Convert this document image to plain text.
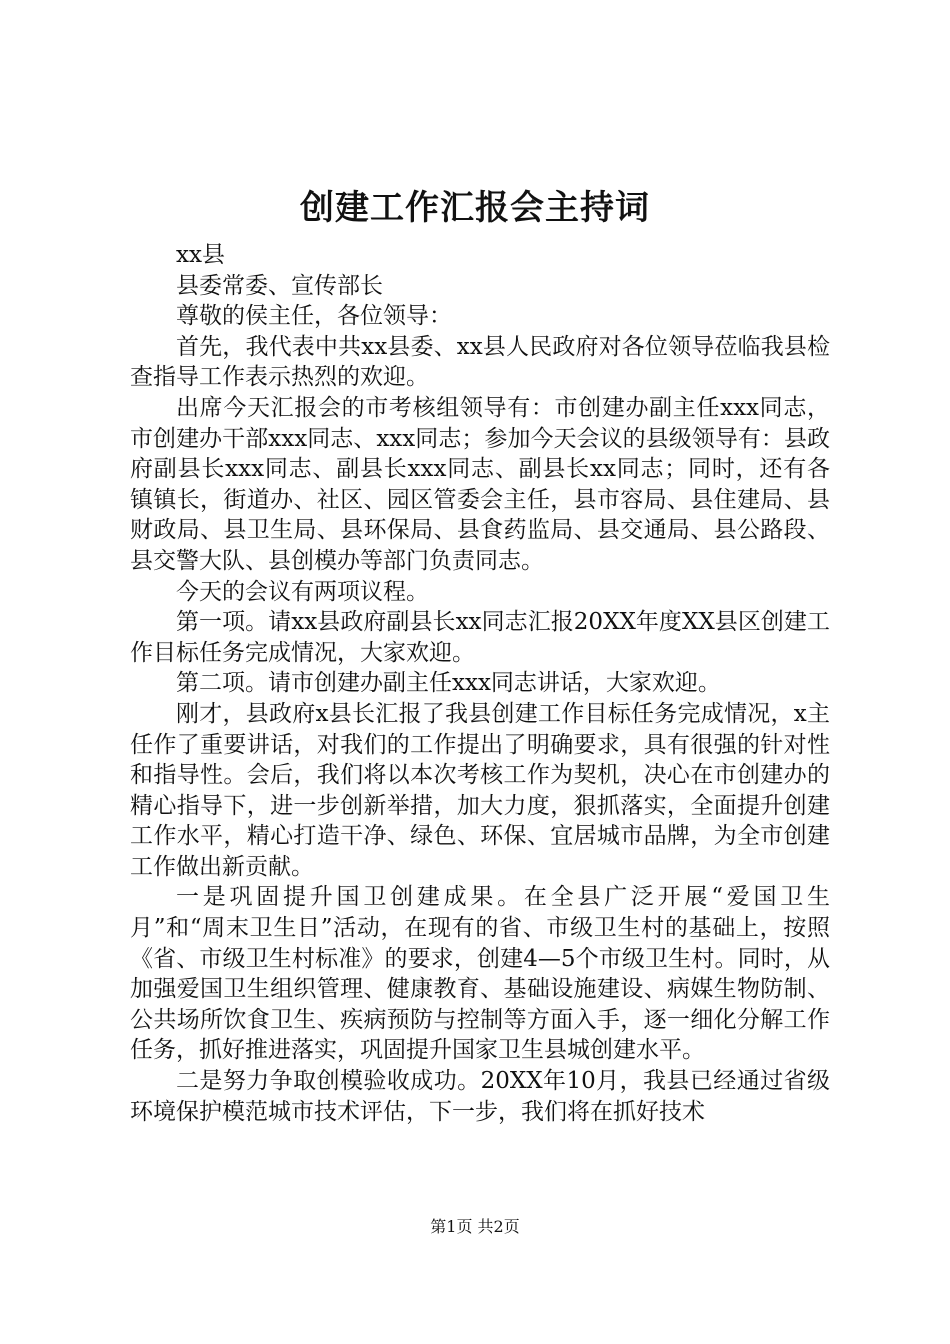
创建工作汇报会主持词

xx县

县委常委、宣传部长

尊敬的侯主任，各位领导：

首先，我代表中共xx县委、xx县人民政府对各位领导莅临我县检查指导工作表示热烈的欢迎。

出席今天汇报会的市考核组领导有：市创建办副主任xxx同志，市创建办干部xxx同志、xxx同志；参加今天会议的县级领导有：县政府副县长xxx同志、副县长xxx同志、副县长xx同志；同时，还有各镇镇长，街道办、社区、园区管委会主任，县市容局、县住建局、县财政局、县卫生局、县环保局、县食药监局、县交通局、县公路段、县交警大队、县创模办等部门负责同志。

今天的会议有两项议程。

第一项。请xx县政府副县长xx同志汇报20XX年度XX县区创建工作目标任务完成情况，大家欢迎。

第二项。请市创建办副主任xxx同志讲话，大家欢迎。

刚才，县政府x县长汇报了我县创建工作目标任务完成情况，x主任作了重要讲话，对我们的工作提出了明确要求，具有很强的针对性和指导性。会后，我们将以本次考核工作为契机，决心在市创建办的精心指导下，进一步创新举措，加大力度，狠抓落实，全面提升创建工作水平，精心打造干净、绿色、环保、宜居城市品牌，为全市创建工作做出新贡献。

一是巩固提升国卫创建成果。在全县广泛开展“爱国卫生月”和“周末卫生日”活动，在现有的省、市级卫生村的基础上，按照《省、市级卫生村标准》的要求，创建4—5个市级卫生村。同时，从加强爱国卫生组织管理、健康教育、基础设施建设、病媒生物防制、公共场所饮食卫生、疾病预防与控制等方面入手，逐一细化分解工作任务，抓好推进落实，巩固提升国家卫生县城创建水平。

二是努力争取创模验收成功。20XX年10月，我县已经通过省级环境保护模范城市技术评估，下一步，我们将在抓好技术

第1页 共2页
